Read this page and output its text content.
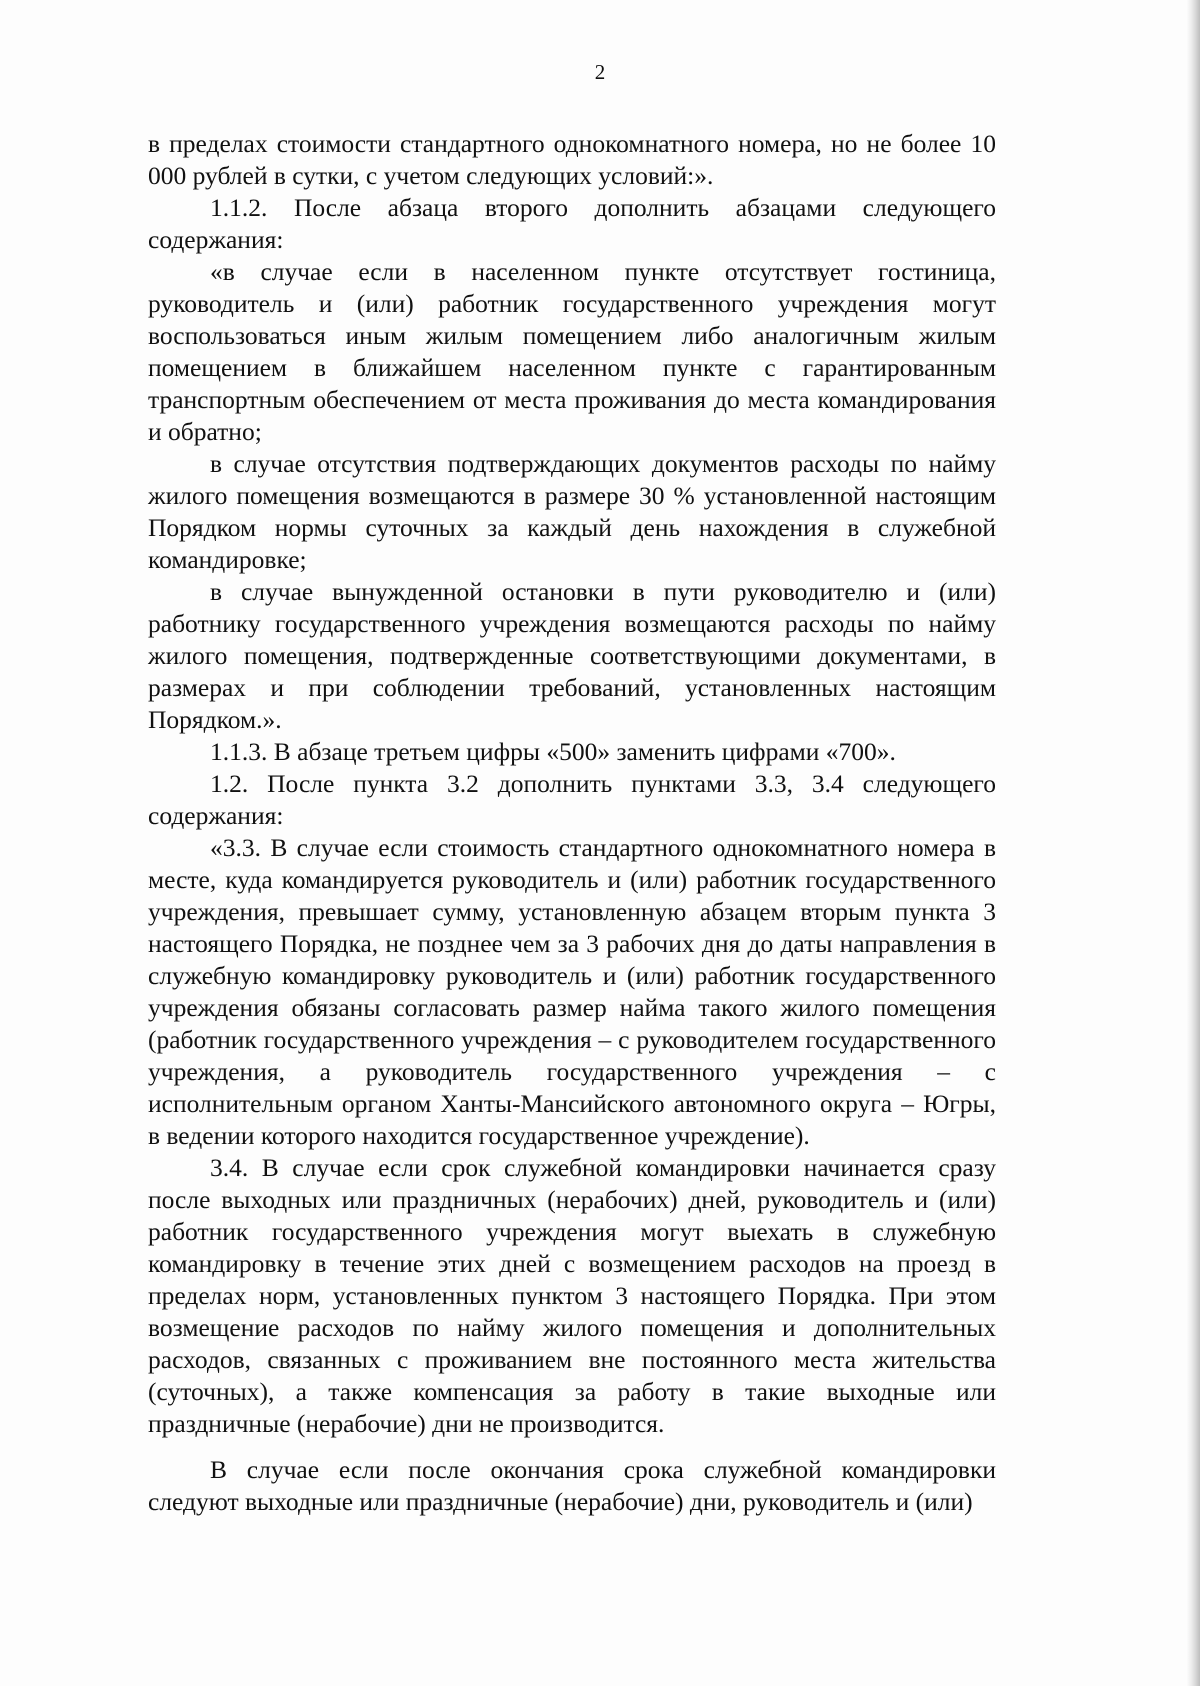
2

в пределах стоимости стандартного однокомнатного номера, но не более 10 000 рублей в сутки, с учетом следующих условий:».

1.1.2. После абзаца второго дополнить абзацами следующего содержания:

«в случае если в населенном пункте отсутствует гостиница, руководитель и (или) работник государственного учреждения могут воспользоваться иным жилым помещением либо аналогичным жилым помещением в ближайшем населенном пункте с гарантированным транспортным обеспечением от места проживания до места командирования и обратно;

в случае отсутствия подтверждающих документов расходы по найму жилого помещения возмещаются в размере 30 % установленной настоящим Порядком нормы суточных за каждый день нахождения в служебной командировке;

в случае вынужденной остановки в пути руководителю и (или) работнику государственного учреждения возмещаются расходы по найму жилого помещения, подтвержденные соответствующими документами, в размерах и при соблюдении требований, установленных настоящим Порядком.».

1.1.3. В абзаце третьем цифры «500» заменить цифрами «700».

1.2. После пункта 3.2 дополнить пунктами 3.3, 3.4 следующего содержания:

«3.3. В случае если стоимость стандартного однокомнатного номера в месте, куда командируется руководитель и (или) работник государственного учреждения, превышает сумму, установленную абзацем вторым пункта 3 настоящего Порядка, не позднее чем за 3 рабочих дня до даты направления в служебную командировку руководитель и (или) работник государственного учреждения обязаны согласовать размер найма такого жилого помещения (работник государственного учреждения – с руководителем государственного учреждения, а руководитель государственного учреждения – с исполнительным органом Ханты-Мансийского автономного округа – Югры, в ведении которого находится государственное учреждение).

3.4. В случае если срок служебной командировки начинается сразу после выходных или праздничных (нерабочих) дней, руководитель и (или) работник государственного учреждения могут выехать в служебную командировку в течение этих дней с возмещением расходов на проезд в пределах норм, установленных пунктом 3 настоящего Порядка. При этом возмещение расходов по найму жилого помещения и дополнительных расходов, связанных с проживанием вне постоянного места жительства (суточных), а также компенсация за работу в такие выходные или праздничные (нерабочие) дни не производится.

В случае если после окончания срока служебной командировки следуют выходные или праздничные (нерабочие) дни, руководитель и (или)
